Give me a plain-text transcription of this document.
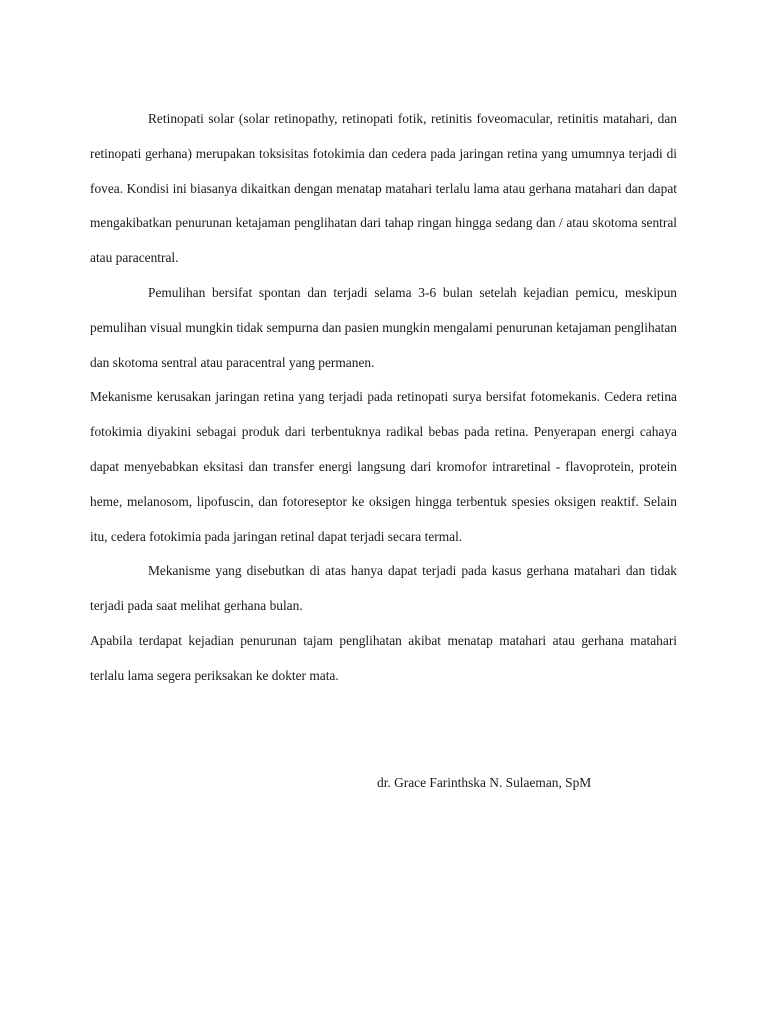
Retinopati solar (solar retinopathy, retinopati fotik, retinitis foveomacular, retinitis matahari, dan retinopati gerhana) merupakan toksisitas fotokimia dan cedera pada jaringan retina yang umumnya terjadi di fovea. Kondisi ini biasanya dikaitkan dengan menatap matahari terlalu lama atau gerhana matahari dan dapat mengakibatkan penurunan ketajaman penglihatan dari tahap ringan hingga sedang dan / atau skotoma sentral atau paracentral.

Pemulihan bersifat spontan dan terjadi selama 3-6 bulan setelah kejadian pemicu, meskipun pemulihan visual mungkin tidak sempurna dan pasien mungkin mengalami penurunan ketajaman penglihatan dan skotoma sentral atau paracentral yang permanen.

Mekanisme kerusakan jaringan retina yang terjadi pada retinopati surya bersifat fotomekanis. Cedera retina fotokimia diyakini sebagai produk dari terbentuknya radikal bebas pada retina. Penyerapan energi cahaya dapat menyebabkan eksitasi dan transfer energi langsung dari kromofor intraretinal - flavoprotein, protein heme, melanosom, lipofuscin, dan fotoreseptor ke oksigen hingga terbentuk spesies oksigen reaktif. Selain itu, cedera fotokimia pada jaringan retinal dapat terjadi secara termal.

Mekanisme yang disebutkan di atas hanya dapat terjadi pada kasus gerhana matahari dan tidak terjadi pada saat melihat gerhana bulan.

Apabila terdapat kejadian penurunan tajam penglihatan akibat menatap matahari atau gerhana matahari terlalu lama segera periksakan ke dokter mata.

dr. Grace Farinthska N. Sulaeman, SpM
